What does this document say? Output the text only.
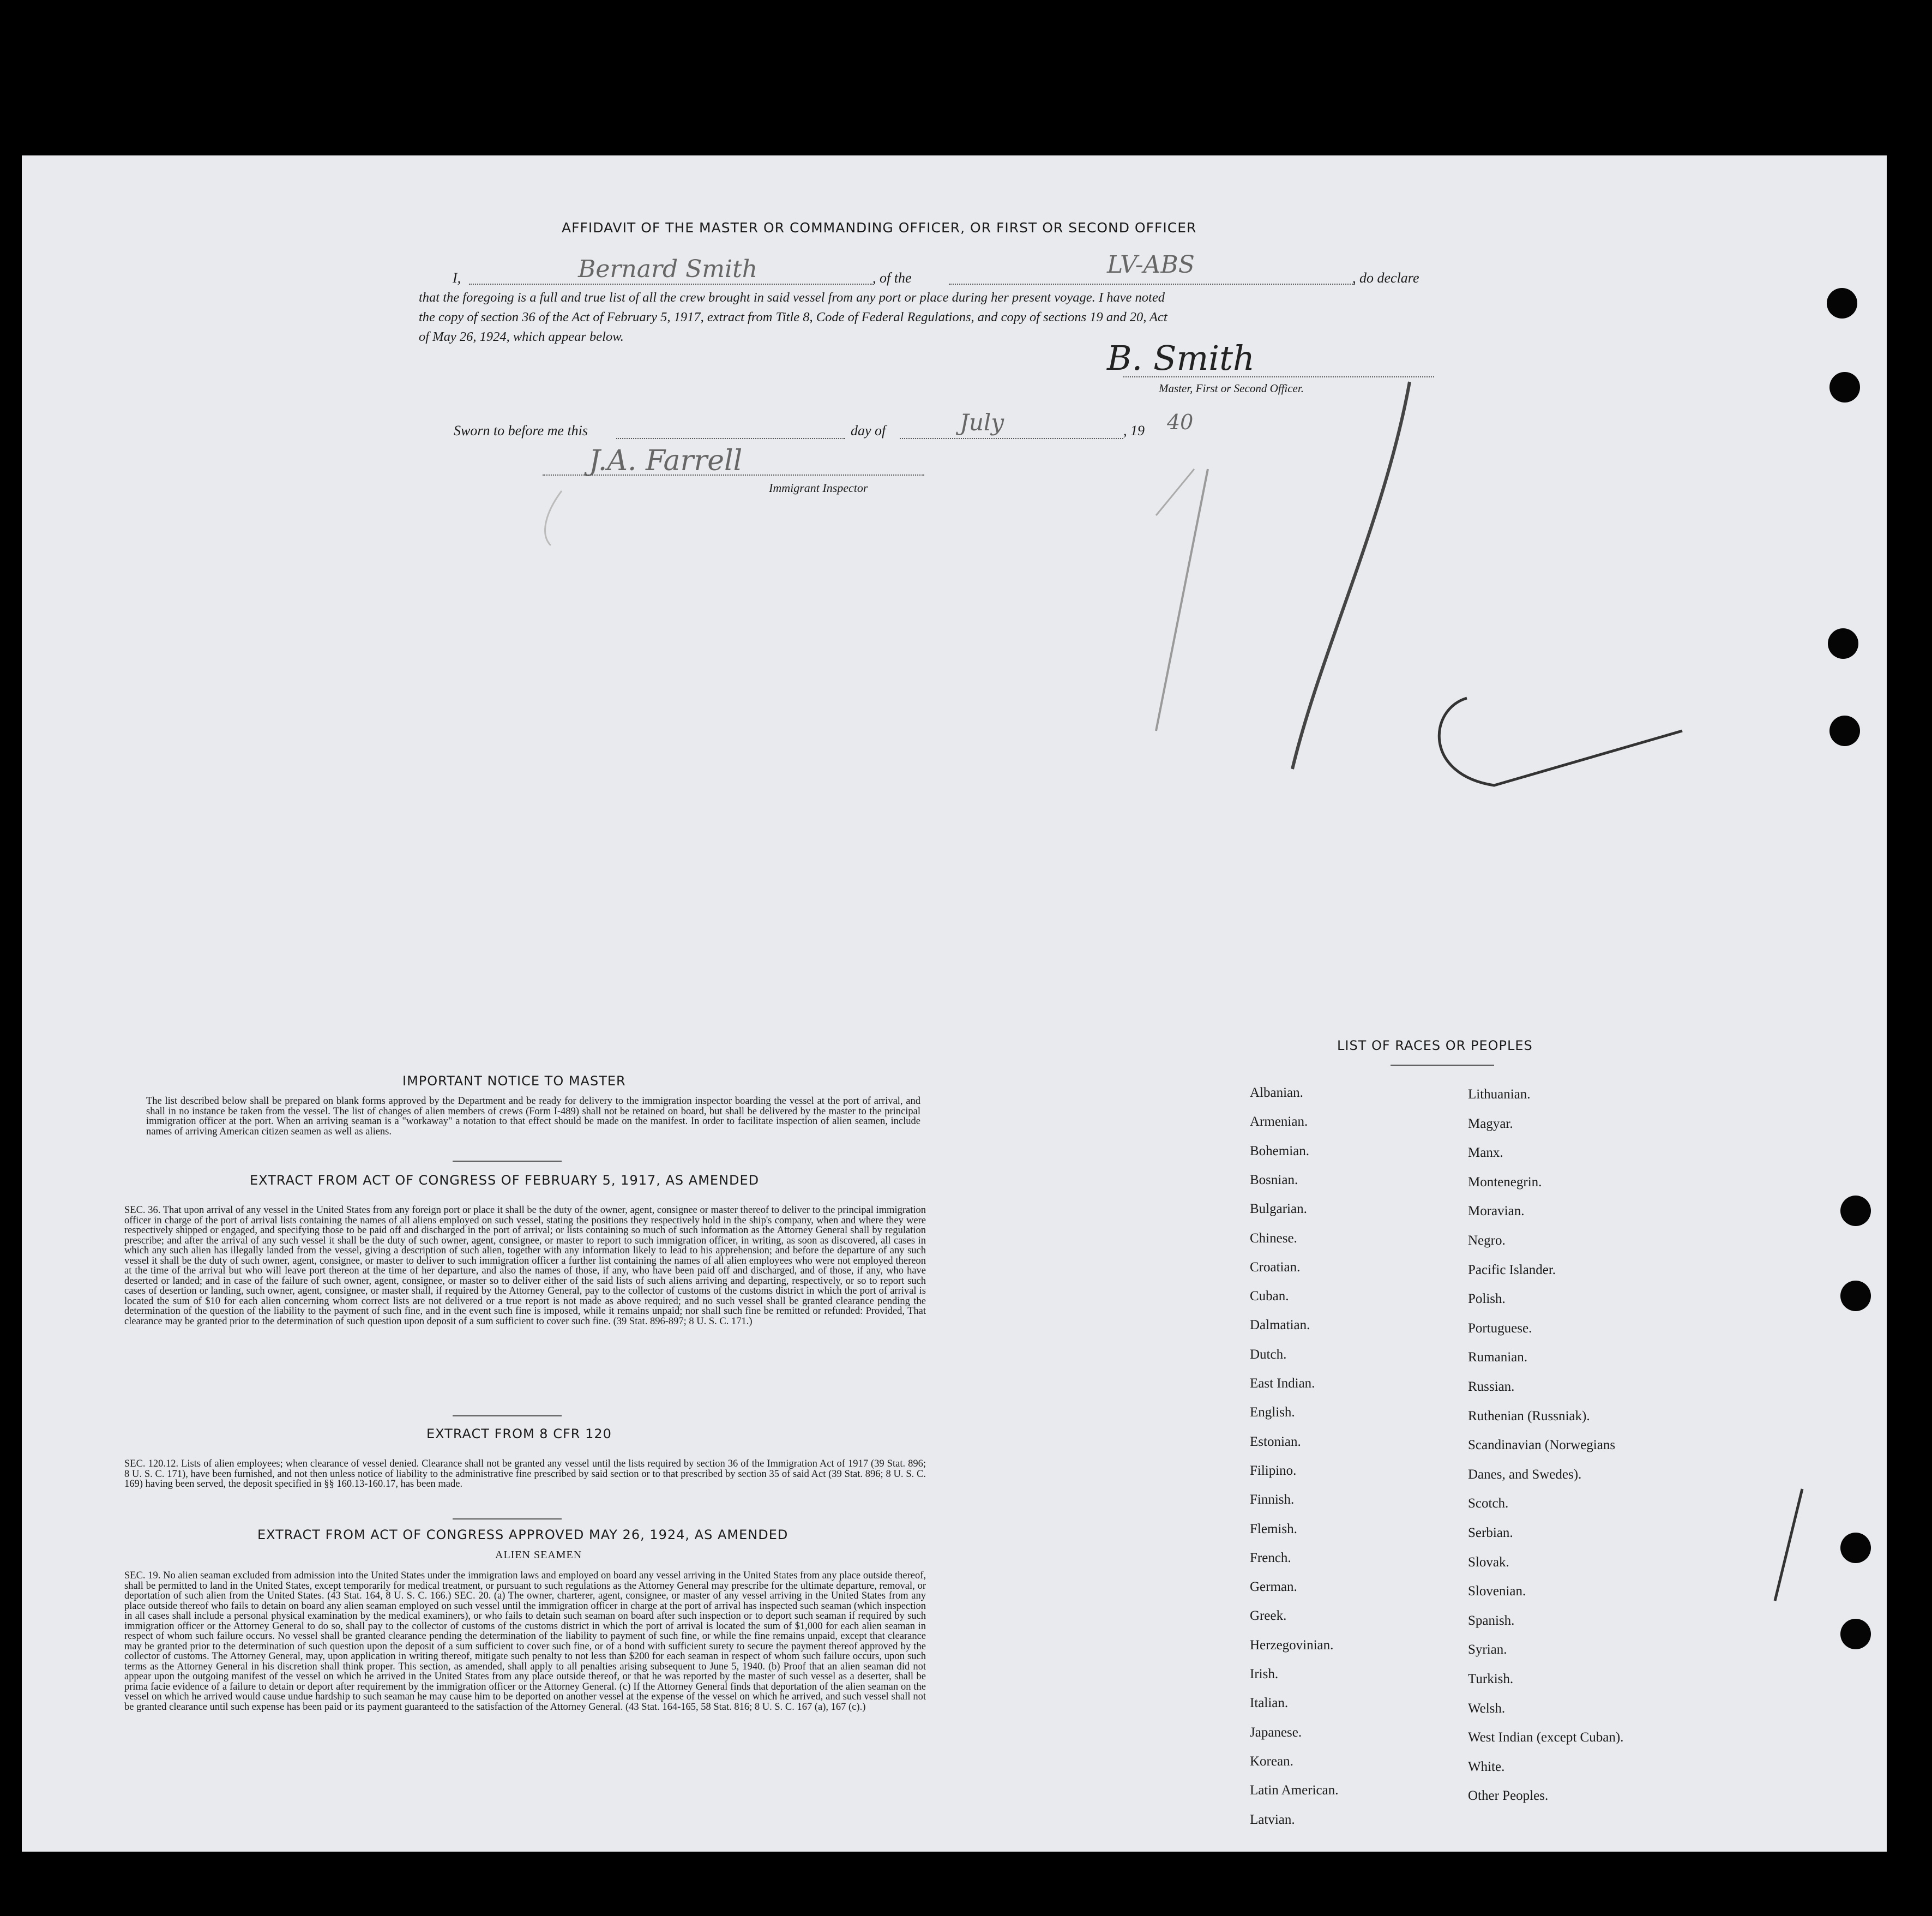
AFFIDAVIT OF THE MASTER OR COMMANDING OFFICER, OR FIRST OR SECOND OFFICER
I,	Bernard Smith	, of the	LV-ABS	, do declare
that the foregoing is a full and true list of all the crew brought in said vessel from any port or place during her present voyage. I have noted
the copy of section 36 of the Act of February 5, 1917, extract from Title 8, Code of Federal Regulations, and copy of sections 19 and 20, Act
of May 26, 1924, which appear below.
B. Smith
Master, First or Second Officer.
Sworn to before me this	day of	July	, 19 40
J.A. Farrell
Immigrant Inspector
IMPORTANT NOTICE TO MASTER
The list described below shall be prepared on blank forms approved by the Department and be ready for delivery to the immigration inspector boarding the vessel at the port of arrival, and shall in no instance be taken from the vessel. The list of changes of alien members of crews (Form I-489) shall not be retained on board, but shall be delivered by the master to the principal immigration officer at the port. When an arriving seaman is a "workaway" a notation to that effect should be made on the manifest. In order to facilitate inspection of alien seamen, include names of arriving American citizen seamen as well as aliens.
EXTRACT FROM ACT OF CONGRESS OF FEBRUARY 5, 1917, AS AMENDED
SEC. 36. That upon arrival of any vessel in the United States from any foreign port or place it shall be the duty of the owner, agent, consignee or master thereof to deliver to the principal immigration officer in charge of the port of arrival lists containing the names of all aliens employed on such vessel, stating the positions they respectively hold in the ship's company, when and where they were respectively shipped or engaged, and specifying those to be paid off and discharged in the port of arrival; or lists containing so much of such information as the Attorney General shall by regulation prescribe; and after the arrival of any such vessel it shall be the duty of such owner, agent, consignee, or master to report to such immigration officer, in writing, as soon as discovered, all cases in which any such alien has illegally landed from the vessel, giving a description of such alien, together with any information likely to lead to his apprehension; and before the departure of any such vessel it shall be the duty of such owner, agent, consignee, or master to deliver to such immigration officer a further list containing the names of all alien employees who were not employed thereon at the time of the arrival but who will leave port thereon at the time of her departure, and also the names of those, if any, who have been paid off and discharged, and of those, if any, who have deserted or landed; and in case of the failure of such owner, agent, consignee, or master so to deliver either of the said lists of such aliens arriving and departing, respectively, or so to report such cases of desertion or landing, such owner, agent, consignee, or master shall, if required by the Attorney General, pay to the collector of customs of the customs district in which the port of arrival is located the sum of $10 for each alien concerning whom correct lists are not delivered or a true report is not made as above required; and no such vessel shall be granted clearance pending the determination of the question of the liability to the payment of such fine, and in the event such fine is imposed, while it remains unpaid; nor shall such fine be remitted or refunded: Provided, That clearance may be granted prior to the determination of such question upon deposit of a sum sufficient to cover such fine. (39 Stat. 896-897; 8 U. S. C. 171.)
EXTRACT FROM 8 CFR 120
SEC. 120.12. Lists of alien employees; when clearance of vessel denied. Clearance shall not be granted any vessel until the lists required by section 36 of the Immigration Act of 1917 (39 Stat. 896; 8 U. S. C. 171), have been furnished, and not then unless notice of liability to the administrative fine prescribed by said section or to that prescribed by section 35 of said Act (39 Stat. 896; 8 U. S. C. 169) having been served, the deposit specified in §§ 160.13-160.17, has been made.
EXTRACT FROM ACT OF CONGRESS APPROVED MAY 26, 1924, AS AMENDED
ALIEN SEAMEN
SEC. 19. No alien seaman excluded from admission into the United States under the immigration laws and employed on board any vessel arriving in the United States from any place outside thereof, shall be permitted to land in the United States, except temporarily for medical treatment, or pursuant to such regulations as the Attorney General may prescribe for the ultimate departure, removal, or deportation of such alien from the United States. (43 Stat. 164, 8 U. S. C. 166.) SEC. 20. (a) The owner, charterer, agent, consignee, or master of any vessel arriving in the United States from any place outside thereof who fails to detain on board any alien seaman employed on such vessel until the immigration officer in charge at the port of arrival has inspected such seaman (which inspection in all cases shall include a personal physical examination by the medical examiners), or who fails to detain such seaman on board after such inspection or to deport such seaman if required by such immigration officer or the Attorney General to do so, shall pay to the collector of customs of the customs district in which the port of arrival is located the sum of $1,000 for each alien seaman in respect of whom such failure occurs. No vessel shall be granted clearance pending the determination of the liability to payment of such fine, or while the fine remains unpaid, except that clearance may be granted prior to the determination of such question upon the deposit of a sum sufficient to cover such fine, or of a bond with sufficient surety to secure the payment thereof approved by the collector of customs. The Attorney General, may, upon application in writing thereof, mitigate such penalty to not less than $200 for each seaman in respect of whom such failure occurs, upon such terms as the Attorney General in his discretion shall think proper. This section, as amended, shall apply to all penalties arising subsequent to June 5, 1940. (b) Proof that an alien seaman did not appear upon the outgoing manifest of the vessel on which he arrived in the United States from any place outside thereof, or that he was reported by the master of such vessel as a deserter, shall be prima facie evidence of a failure to detain or deport after requirement by the immigration officer or the Attorney General. (c) If the Attorney General finds that deportation of the alien seaman on the vessel on which he arrived would cause undue hardship to such seaman he may cause him to be deported on another vessel at the expense of the vessel on which he arrived, and such vessel shall not be granted clearance until such expense has been paid or its payment guaranteed to the satisfaction of the Attorney General. (43 Stat. 164-165, 58 Stat. 816; 8 U. S. C. 167 (a), 167 (c).)
LIST OF RACES OR PEOPLES
Albanian.
Armenian.
Bohemian.
Bosnian.
Bulgarian.
Chinese.
Croatian.
Cuban.
Dalmatian.
Dutch.
East Indian.
English.
Estonian.
Filipino.
Finnish.
Flemish.
French.
German.
Greek.
Herzegovinian.
Irish.
Italian.
Japanese.
Korean.
Latin American.
Latvian.
Lithuanian.
Magyar.
Manx.
Montenegrin.
Moravian.
Negro.
Pacific Islander.
Polish.
Portuguese.
Rumanian.
Russian.
Ruthenian (Russniak).
Scandinavian (Norwegians
Danes, and Swedes).
Scotch.
Serbian.
Slovak.
Slovenian.
Spanish.
Syrian.
Turkish.
Welsh.
West Indian (except Cuban).
White.
Other Peoples.
